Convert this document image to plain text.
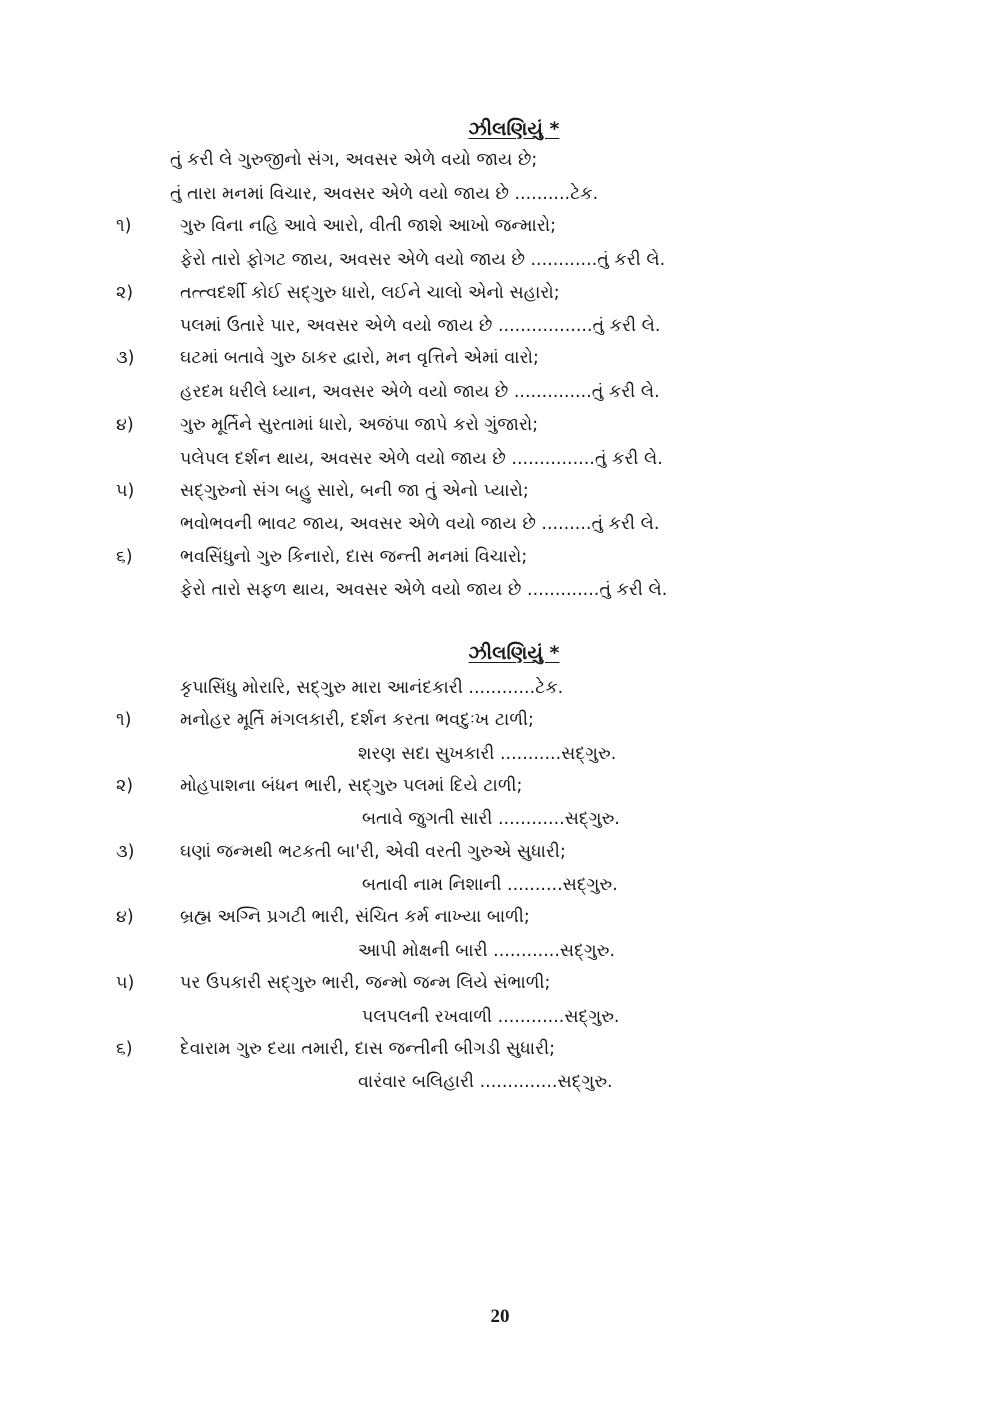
ઝીલણિયું *
તું કરી લે ગુરુજીનો સંગ, અવસર એળે વયો જાય છે;
તું તારા મનમાં વિચાર, અવસર એળે વયો જાય છે ..........ટેક.
૧)	ગુરુ વિના નહિ આવે આરો, વીતી જાશે આખો જન્મારો;
ફેરો તારો ફોગટ જાય, અવસર એળે વયો જાય છે ............તું કરી લે.
૨)	તત્ત્વદર્શી કોઈ સદ્‌ગુરુ ધારો, લઈને ચાલો એનો સહારો;
પલમાં ઉતારે પાર, અવસર એળે વયો જાય છે .................તું કરી લે.
૩)	ઘટમાં બતાવે ગુરુ ઠાકર દ્વારો, મન વૃત્તિને એમાં વારો;
હરદમ ધરીલે ધ્યાન, અવસર એળે વયો જાય છે ..............તું કરી લે.
૪)	ગુરુ મૂર્તિને સુરતામાં ધારો, અજંપા જાપે કરો ગુંજારો;
પલેપલ દર્શન થાય, અવસર એળે વયો જાય છે ...............તું કરી લે.
૫)	સદ્‌ગુરુનો સંગ બહુ સારો, બની જા તું એનો પ્યારો;
ભવોભવની ભાવટ જાય, અવસર એળે વયો જાય છે .........તું કરી લે.
૬)	ભવસિંધુનો ગુરુ કિનારો, દાસ જન્તી મનમાં વિચારો;
ફેરો તારો સફળ થાય, અવસર એળે વયો જાય છે .............તું કરી લે.
ઝીલણિયું *
કૃપાસિંધુ મોરારિ, સદ્‌ગુરુ મારા આનંદકારી ............ટેક.
૧)	મનોહર મૂર્તિ મંગલકારી, દર્શન કરતા ભવદુઃખ ટાળી;
શરણ સદા સુખકારી ...........સદ્‌ગુરુ.
૨)	મોહપાશના બંધન ભારી, સદ્‌ગુરુ પલમાં દિયે ટાળી;
બતાવે જુગતી સારી ............સદ્‌ગુરુ.
૩)	ઘણાં જન્મથી ભટકતી બા'રી, એવી વરતી ગુરુએ સુધારી;
બતાવી નામ નિશાની ..........સદ્‌ગુરુ.
૪)	બ્રહ્મ અગ્નિ પ્રગટી ભારી, સંચિત કર્મ નાખ્યા બાળી;
આપી મોક્ષની બારી ............સદ્‌ગુરુ.
૫)	પર ઉપકારી સદ્‌ગુરુ ભારી, જન્મો જન્મ લિયે સંભાળી;
પલપલની રખવાળી ............સદ્‌ગુરુ.
૬)	દેવારામ ગુરુ દયા તમારી, દાસ જન્તીની બીગડી સુધારી;
વારંવાર બલિહારી ..............સદ્‌ગુરુ.
20
